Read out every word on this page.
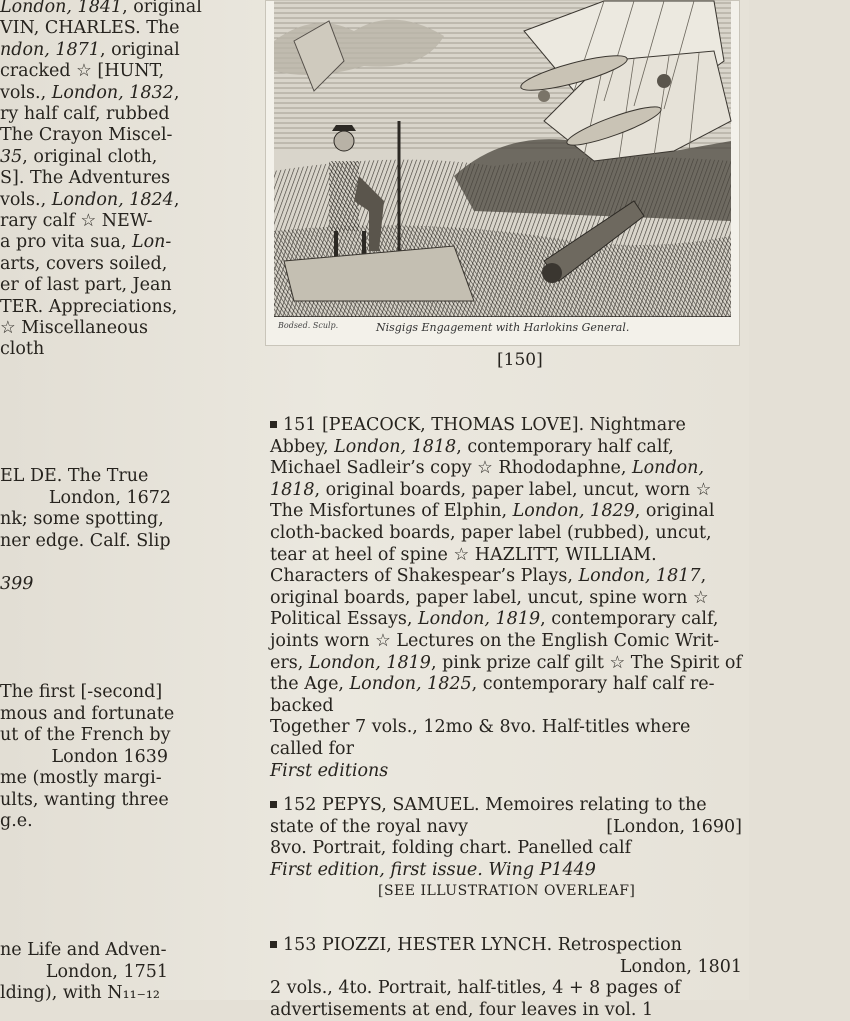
London, 1841, original
VIN, CHARLES. The
ndon, 1871, original
cracked ☆ [HUNT,
vols., London, 1832,
ry half calf, rubbed
The Crayon Miscel-
35, original cloth,
S]. The Adventures
vols., London, 1824,
rary calf ☆ NEW-
a pro vita sua, Lon-
arts, covers soiled,
er of last part, Jean
TER. Appreciations,
☆ Miscellaneous
cloth
EL DE. The True
London, 1672
nk; some spotting,
ner edge. Calf. Slip
399
The first [-second]
mous and fortunate
ut of the French by
London 1639
me (mostly margi-
ults, wanting three
g.e.
ne Life and Adven-
London, 1751
lding), with N₁₁₋₁₂
Bodsed. Sculp.	Nisgigs Engagement with Harlokins General.
[150]
151 [PEACOCK, THOMAS LOVE]. Nightmare
Abbey, London, 1818, contemporary half calf,
Michael Sadleir’s copy ☆ Rhododaphne, London,
1818, original boards, paper label, uncut, worn ☆
The Misfortunes of Elphin, London, 1829, original
cloth-backed boards, paper label (rubbed), uncut,
tear at heel of spine ☆ HAZLITT, WILLIAM.
Characters of Shakespear’s Plays, London, 1817,
original boards, paper label, uncut, spine worn ☆
Political Essays, London, 1819, contemporary calf,
joints worn ☆ Lectures on the English Comic Writ-
ers, London, 1819, pink prize calf gilt ☆ The Spirit of
the Age, London, 1825, contemporary half calf re-
backed
Together 7 vols., 12mo & 8vo. Half-titles where
called for
First editions
152 PEPYS, SAMUEL. Memoires relating to the
state of the royal navy	[London, 1690]
8vo. Portrait, folding chart. Panelled calf
First edition, first issue. Wing P1449
[SEE ILLUSTRATION OVERLEAF]
153 PIOZZI, HESTER LYNCH. Retrospection
London, 1801
2 vols., 4to. Portrait, half-titles, 4 + 8 pages of
advertisements at end, four leaves in vol. 1
